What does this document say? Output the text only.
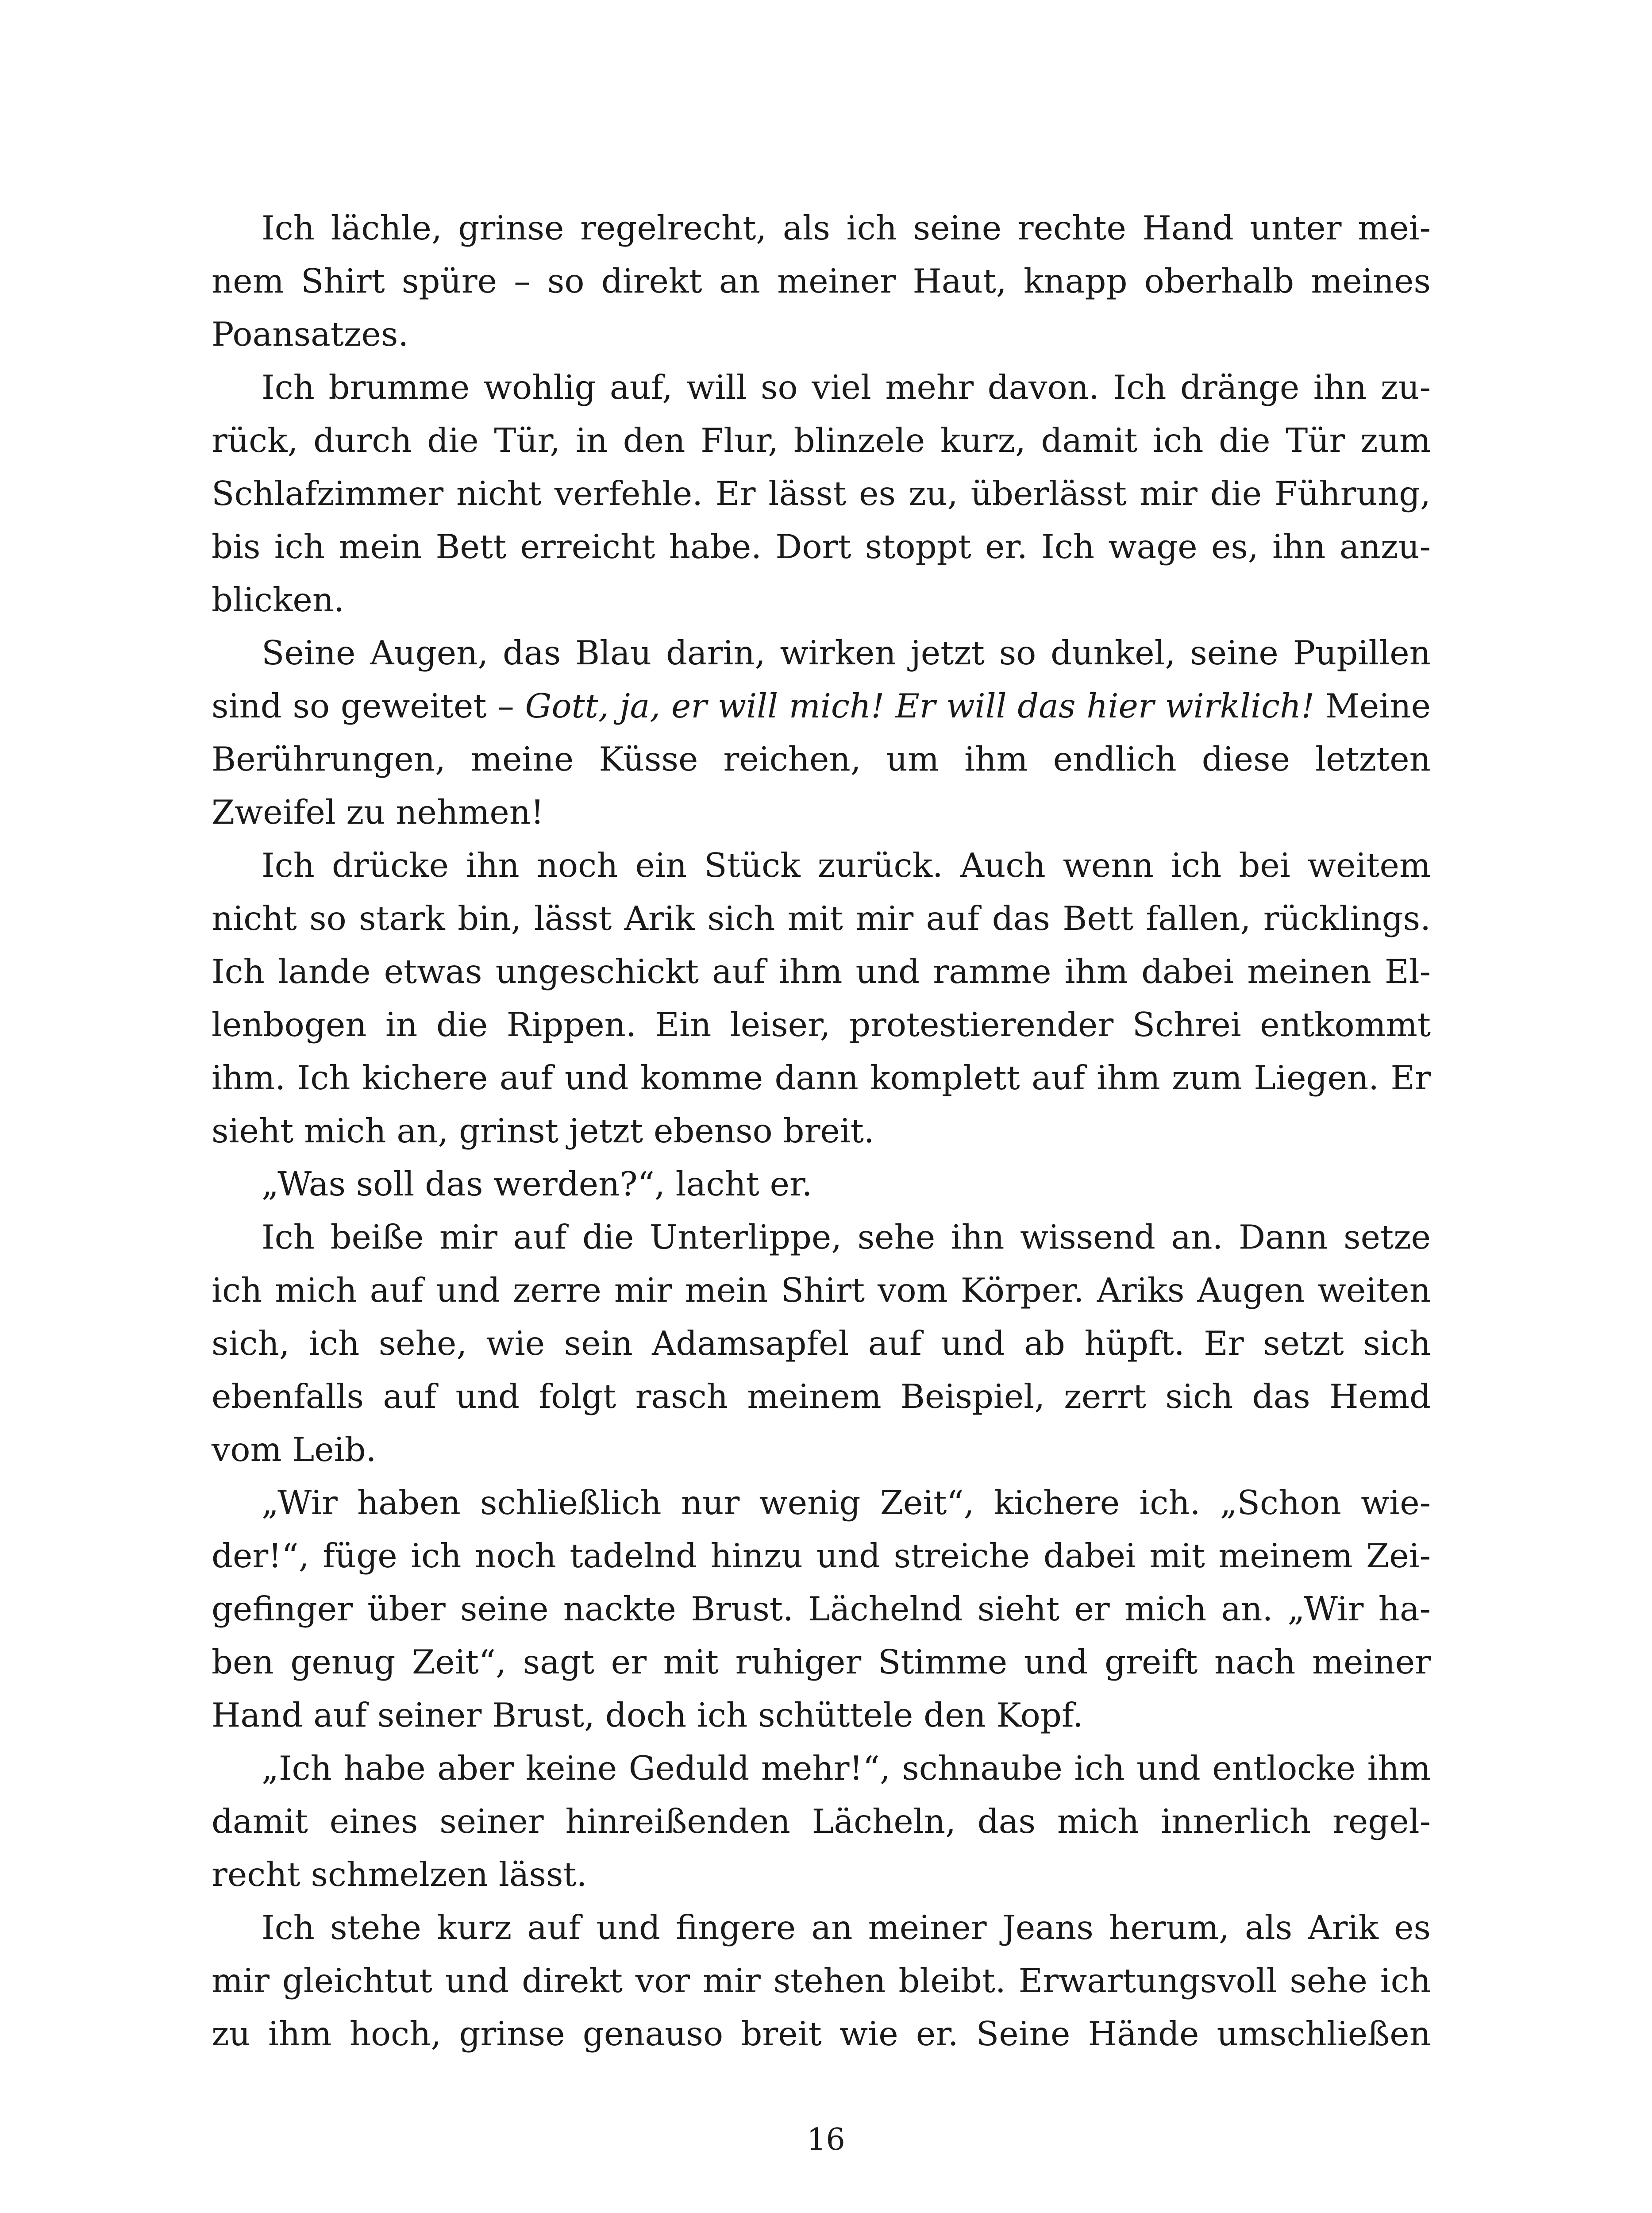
Ich lächle, grinse regelrecht, als ich seine rechte Hand unter mei-
nem Shirt spüre – so direkt an meiner Haut, knapp oberhalb meines
Poansatzes.
Ich brumme wohlig auf, will so viel mehr davon. Ich dränge ihn zu-
rück, durch die Tür, in den Flur, blinzele kurz, damit ich die Tür zum
Schlafzimmer nicht verfehle. Er lässt es zu, überlässt mir die Führung,
bis ich mein Bett erreicht habe. Dort stoppt er. Ich wage es, ihn anzu-
blicken.
Seine Augen, das Blau darin, wirken jetzt so dunkel, seine Pupillen
sind so geweitet – Gott, ja, er will mich! Er will das hier wirklich! Meine
Berührungen, meine Küsse reichen, um ihm endlich diese letzten
Zweifel zu nehmen!
Ich drücke ihn noch ein Stück zurück. Auch wenn ich bei weitem
nicht so stark bin, lässt Arik sich mit mir auf das Bett fallen, rücklings.
Ich lande etwas ungeschickt auf ihm und ramme ihm dabei meinen El-
lenbogen in die Rippen. Ein leiser, protestierender Schrei entkommt
ihm. Ich kichere auf und komme dann komplett auf ihm zum Liegen. Er
sieht mich an, grinst jetzt ebenso breit.
„Was soll das werden?“, lacht er.
Ich beiße mir auf die Unterlippe, sehe ihn wissend an. Dann setze
ich mich auf und zerre mir mein Shirt vom Körper. Ariks Augen weiten
sich, ich sehe, wie sein Adamsapfel auf und ab hüpft. Er setzt sich
ebenfalls auf und folgt rasch meinem Beispiel, zerrt sich das Hemd
vom Leib.
„Wir haben schließlich nur wenig Zeit“, kichere ich. „Schon wie-
der!“, füge ich noch tadelnd hinzu und streiche dabei mit meinem Zei-
gefinger über seine nackte Brust. Lächelnd sieht er mich an. „Wir ha-
ben genug Zeit“, sagt er mit ruhiger Stimme und greift nach meiner
Hand auf seiner Brust, doch ich schüttele den Kopf.
„Ich habe aber keine Geduld mehr!“, schnaube ich und entlocke ihm
damit eines seiner hinreißenden Lächeln, das mich innerlich regel-
recht schmelzen lässt.
Ich stehe kurz auf und fingere an meiner Jeans herum, als Arik es
mir gleichtut und direkt vor mir stehen bleibt. Erwartungsvoll sehe ich
zu ihm hoch, grinse genauso breit wie er. Seine Hände umschließen
16
